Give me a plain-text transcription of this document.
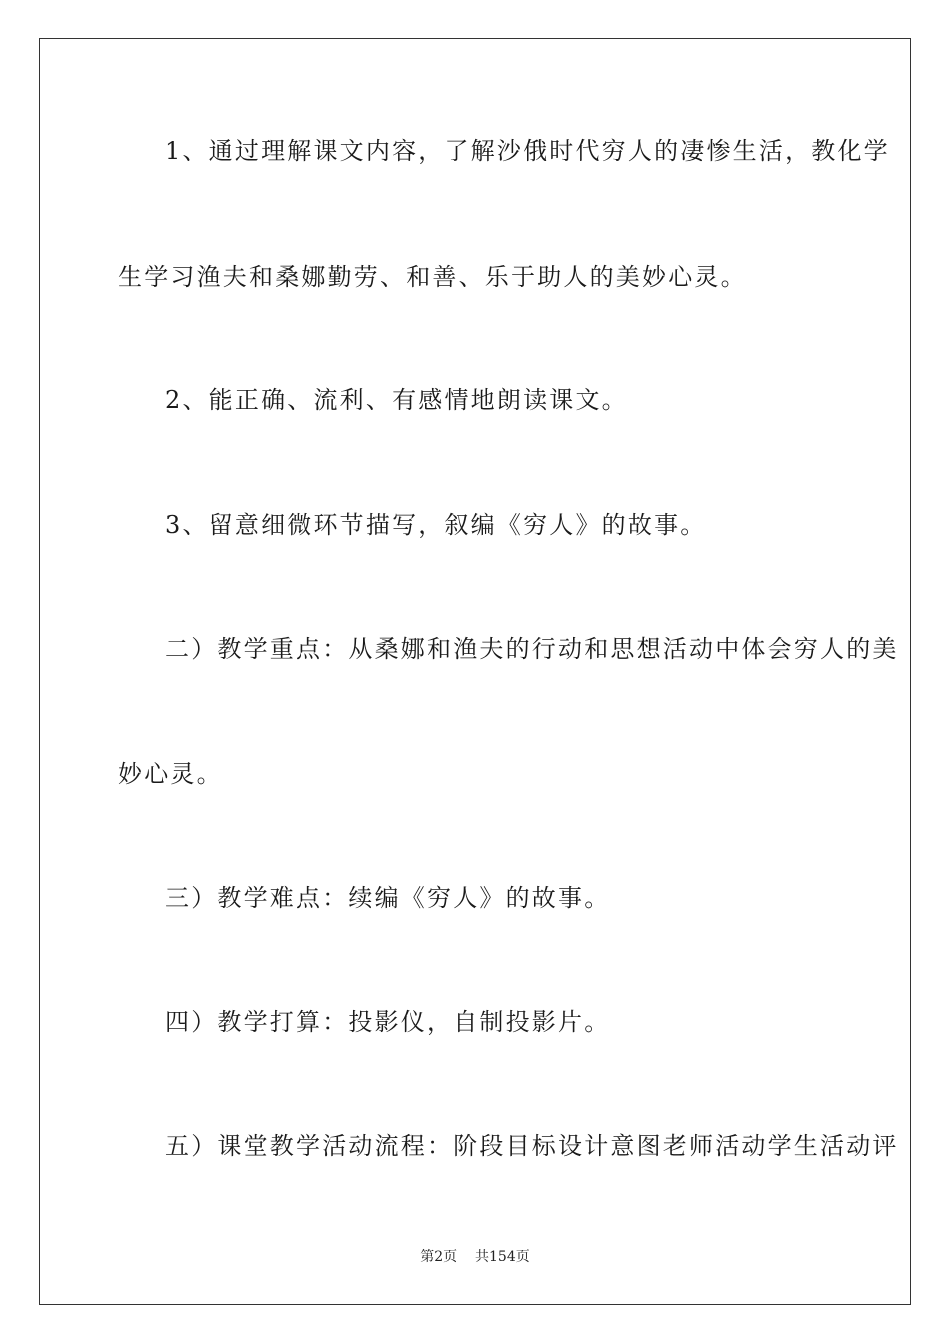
1、通过理解课文内容，了解沙俄时代穷人的凄惨生活，教化学
生学习渔夫和桑娜勤劳、和善、乐于助人的美妙心灵。
2、能正确、流利、有感情地朗读课文。
3、留意细微环节描写，叙编《穷人》的故事。
二）教学重点：从桑娜和渔夫的行动和思想活动中体会穷人的美
妙心灵。
三）教学难点：续编《穷人》的故事。
四）教学打算：投影仪，自制投影片。
五）课堂教学活动流程：阶段目标设计意图老师活动学生活动评
第2页 共154页
